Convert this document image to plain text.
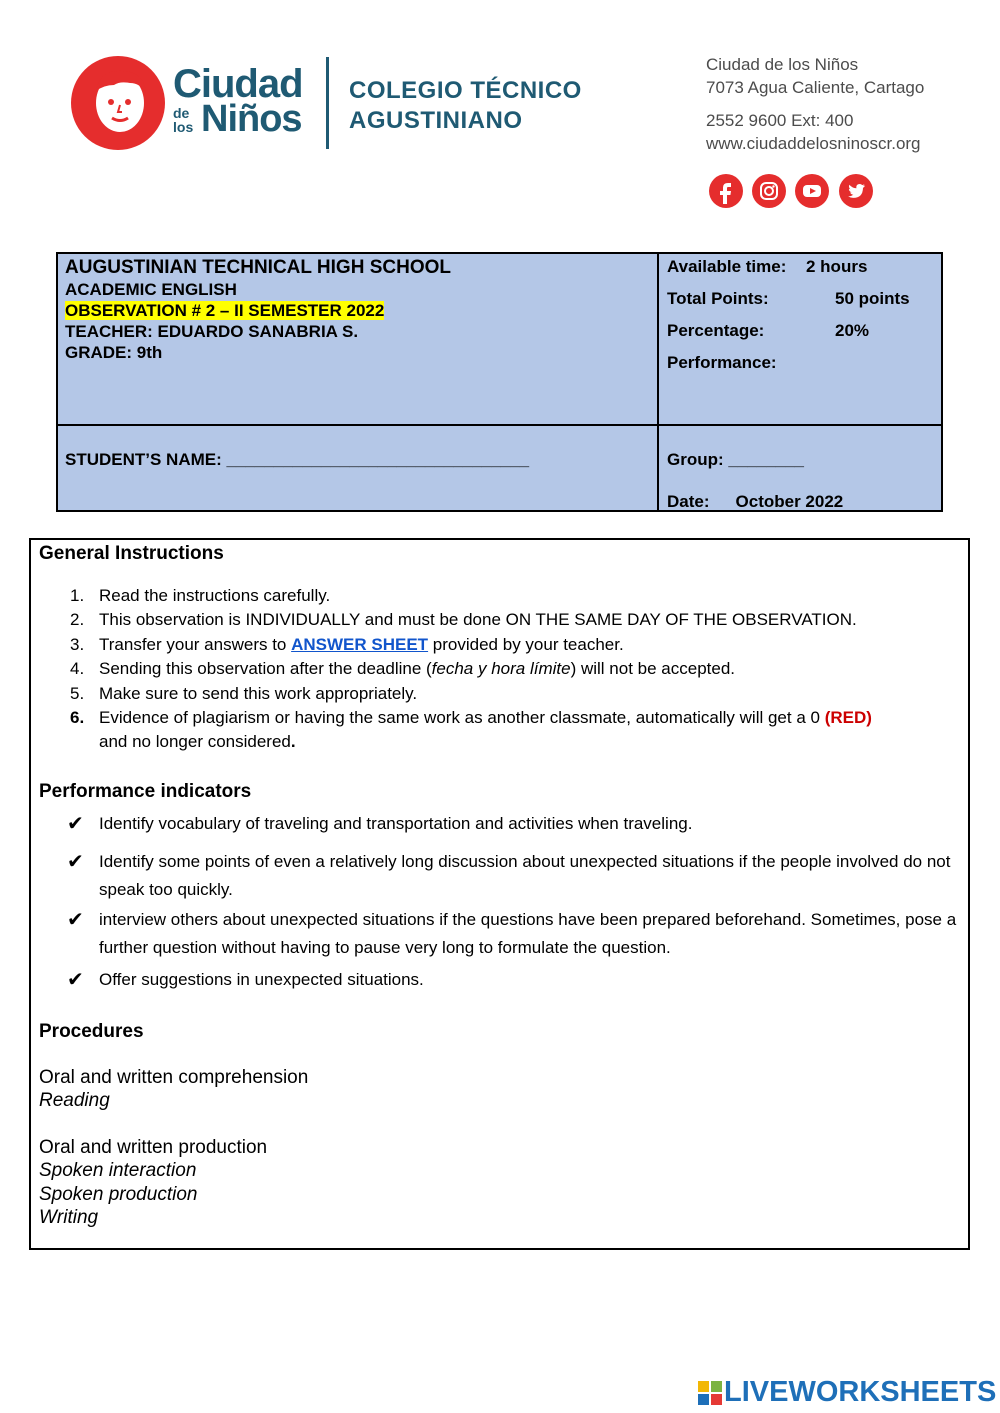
Ciudad
de
los Niños
COLEGIO TÉCNICO
AGUSTINIANO
Ciudad de los Niños
7073 Agua Caliente, Cartago
2552 9600 Ext: 400
www.ciudaddelosninoscr.org
AUGUSTINIAN TECHNICAL HIGH SCHOOL
ACADEMIC ENGLISH
OBSERVATION # 2 – II SEMESTER 2022
TEACHER: EDUARDO SANABRIA S.
GRADE: 9th
Available time: 2 hours
Total Points:	50 points
Percentage:	20%
Performance:
STUDENT’S NAME: ________________________________	Group: ________
Date: October 2022
General Instructions
1. Read the instructions carefully.
2. This observation is INDIVIDUALLY and must be done ON THE SAME DAY OF THE OBSERVATION.
3. Transfer your answers to ANSWER SHEET provided by your teacher.
4. Sending this observation after the deadline (fecha y hora límite) will not be accepted.
5. Make sure to send this work appropriately.
6. Evidence of plagiarism or having the same work as another classmate, automatically will get a 0 (RED)
and no longer considered.
Performance indicators
✔ Identify vocabulary of traveling and transportation and activities when traveling.
✔ Identify some points of even a relatively long discussion about unexpected situations if the people involved do not speak too quickly.
✔ interview others about unexpected situations if the questions have been prepared beforehand. Sometimes, pose a further question without having to pause very long to formulate the question.
✔ Offer suggestions in unexpected situations.
Procedures
Oral and written comprehension
Reading
Oral and written production
Spoken interaction
Spoken production
Writing
LIVEWORKSHEETS
